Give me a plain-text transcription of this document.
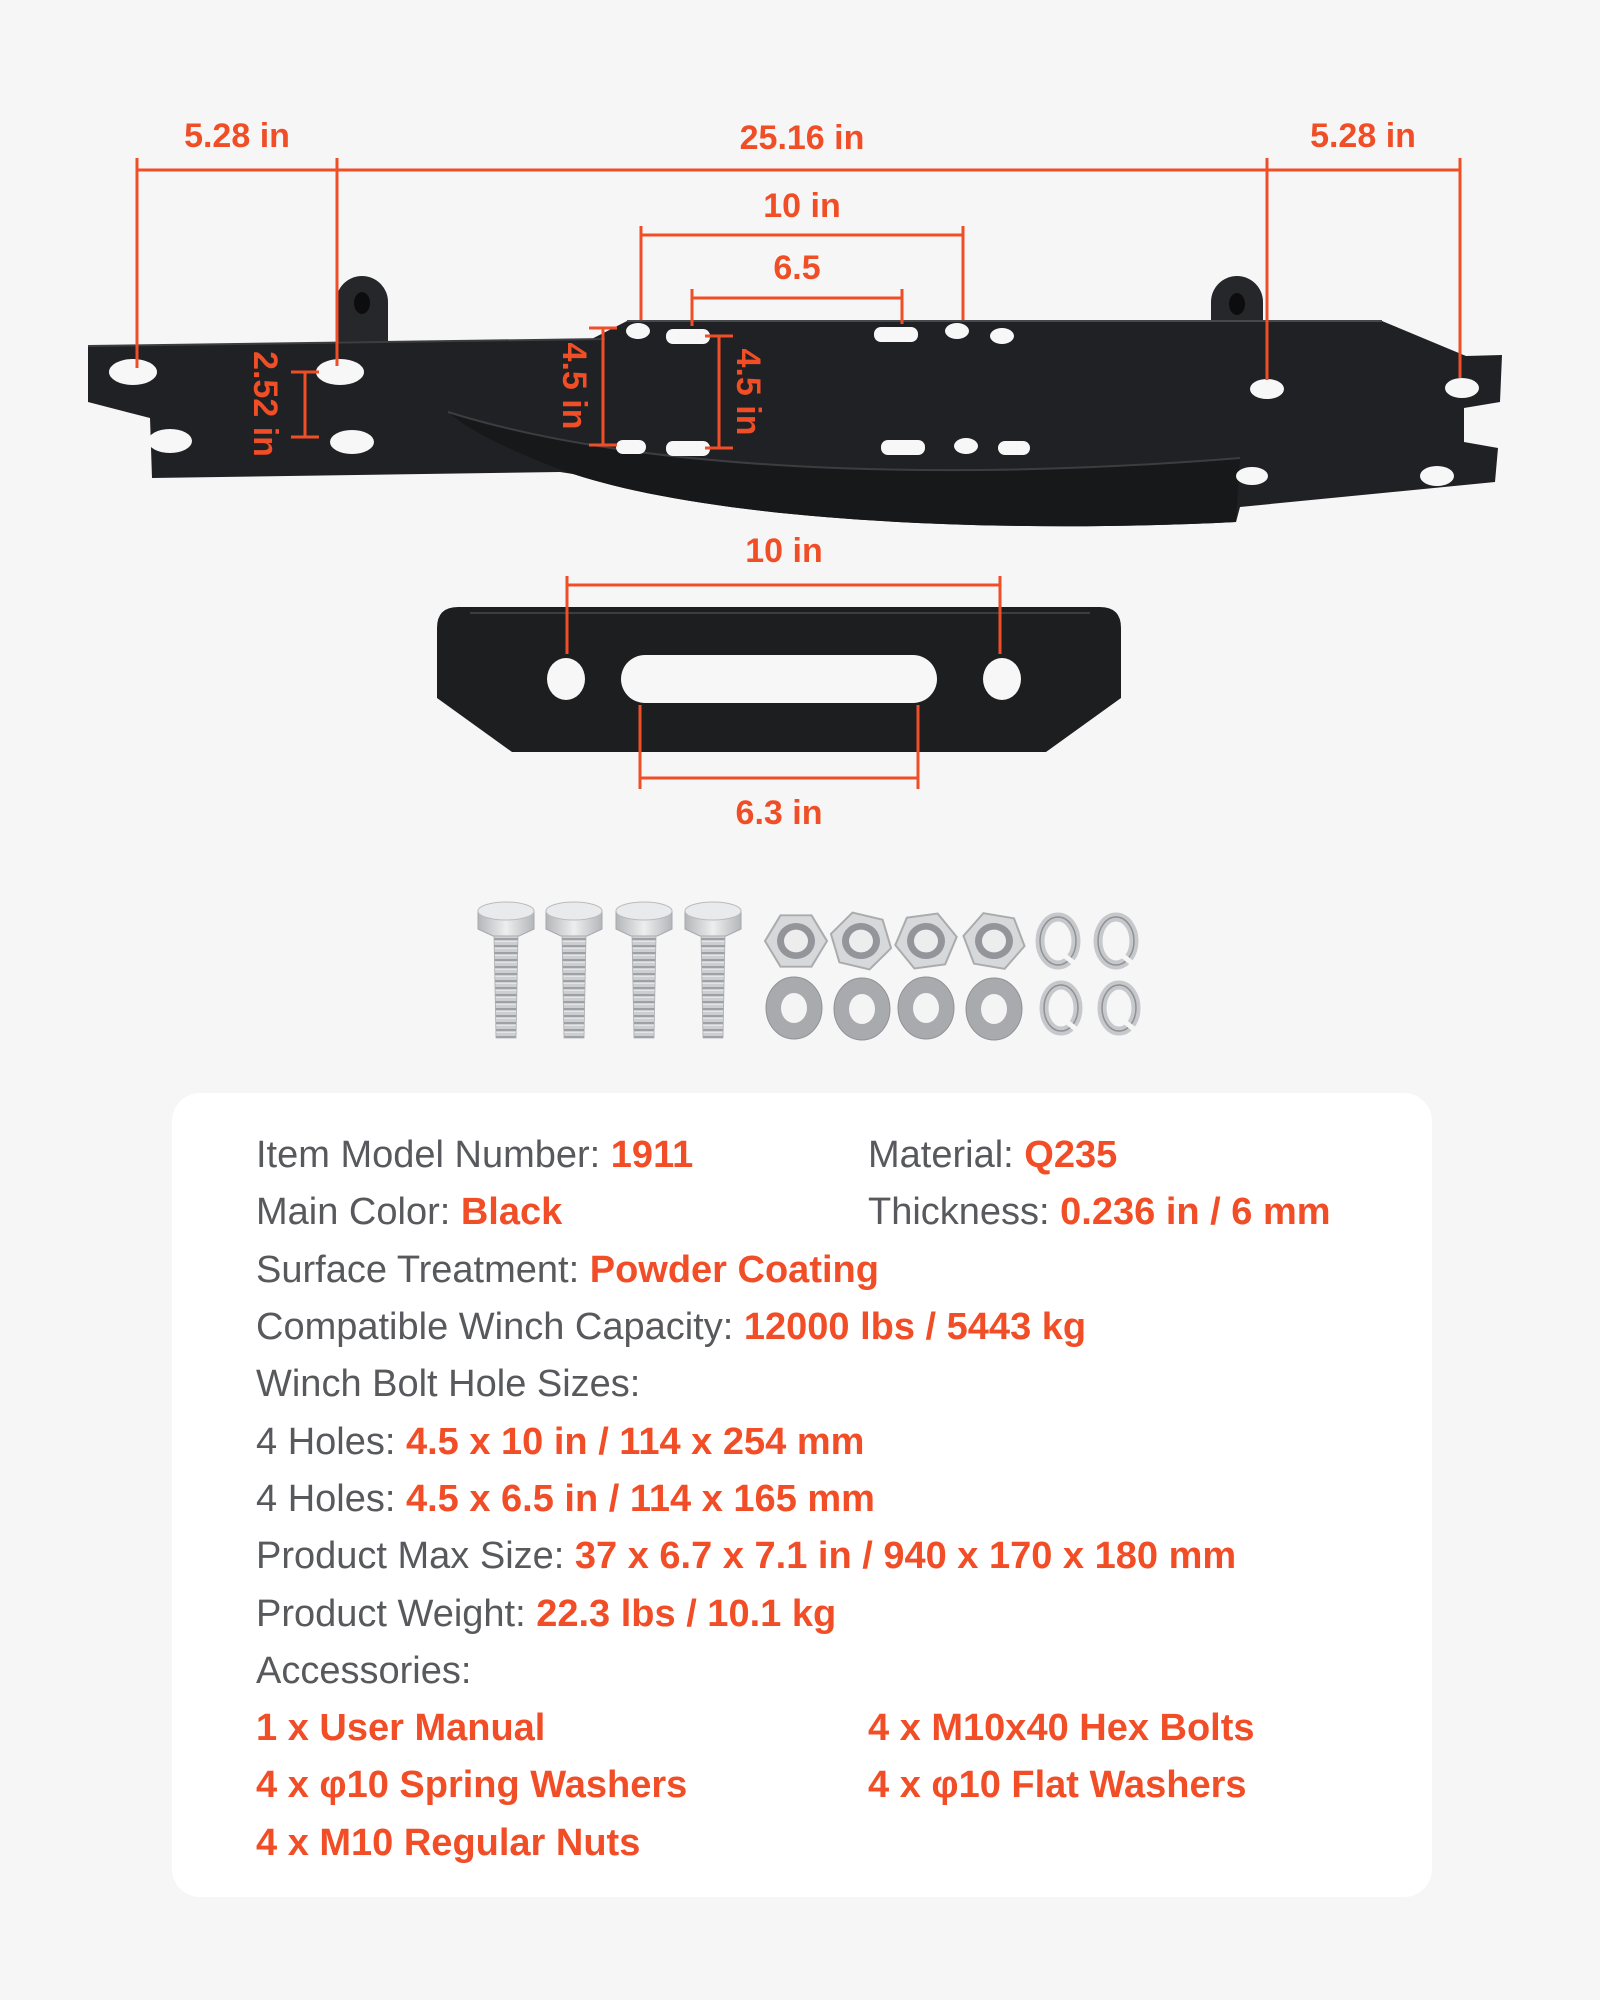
5.28 in	25.16 in	5.28 in
10 in
6.5
2.52 in	4.5 in	4.5 in
10 in
6.3 in
Item Model Number: 1911	Material: Q235
Main Color: Black	Thickness: 0.236 in / 6 mm
Surface Treatment: Powder Coating
Compatible Winch Capacity: 12000 lbs / 5443 kg
Winch Bolt Hole Sizes:
4 Holes: 4.5 x 10 in / 114 x 254 mm
4 Holes: 4.5 x 6.5 in / 114 x 165 mm
Product Max Size: 37 x 6.7 x 7.1 in / 940 x 170 x 180 mm
Product Weight: 22.3 lbs / 10.1 kg
Accessories:
1 x User Manual	4 x M10x40 Hex Bolts
4 x φ10 Spring Washers	4 x φ10 Flat Washers
4 x M10 Regular Nuts
